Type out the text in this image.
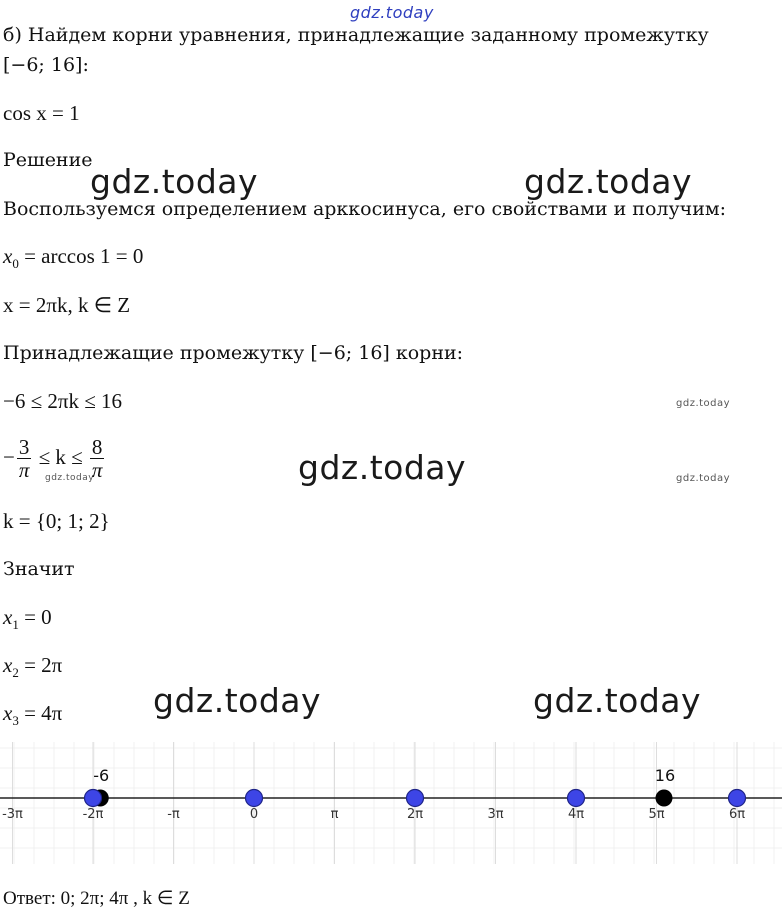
gdz.today
gdz.today	gdz.today
gdz.today
gdz.today	gdz.today
gdz.today
gdz.today
gdz.today
б) Найдем корни уравнения, принадлежащие заданному промежутку
[−6; 16]:
cos x = 1
Решение
Воспользуемся определением арккосинуса, его свойствами и получим:
$x_0 = \arccos 1 = 0$
x = 2πk, k ∈ Z
Принадлежащие промежутку [−6; 16] корни:
−6 ≤ 2πk ≤ 16
− $\frac{3}{\pi} \le k \le \frac{8}{\pi}$
k = {0; 1; 2}
Значит
$x_1 = 0$
$x_2 = 2\pi$
$x_3 = 4\pi$
-3π	-2π	-π	0	π	2π	3π	4π	5π	6π
-6	16
Ответ: 0; 2π; 4π , k ∈ Z
